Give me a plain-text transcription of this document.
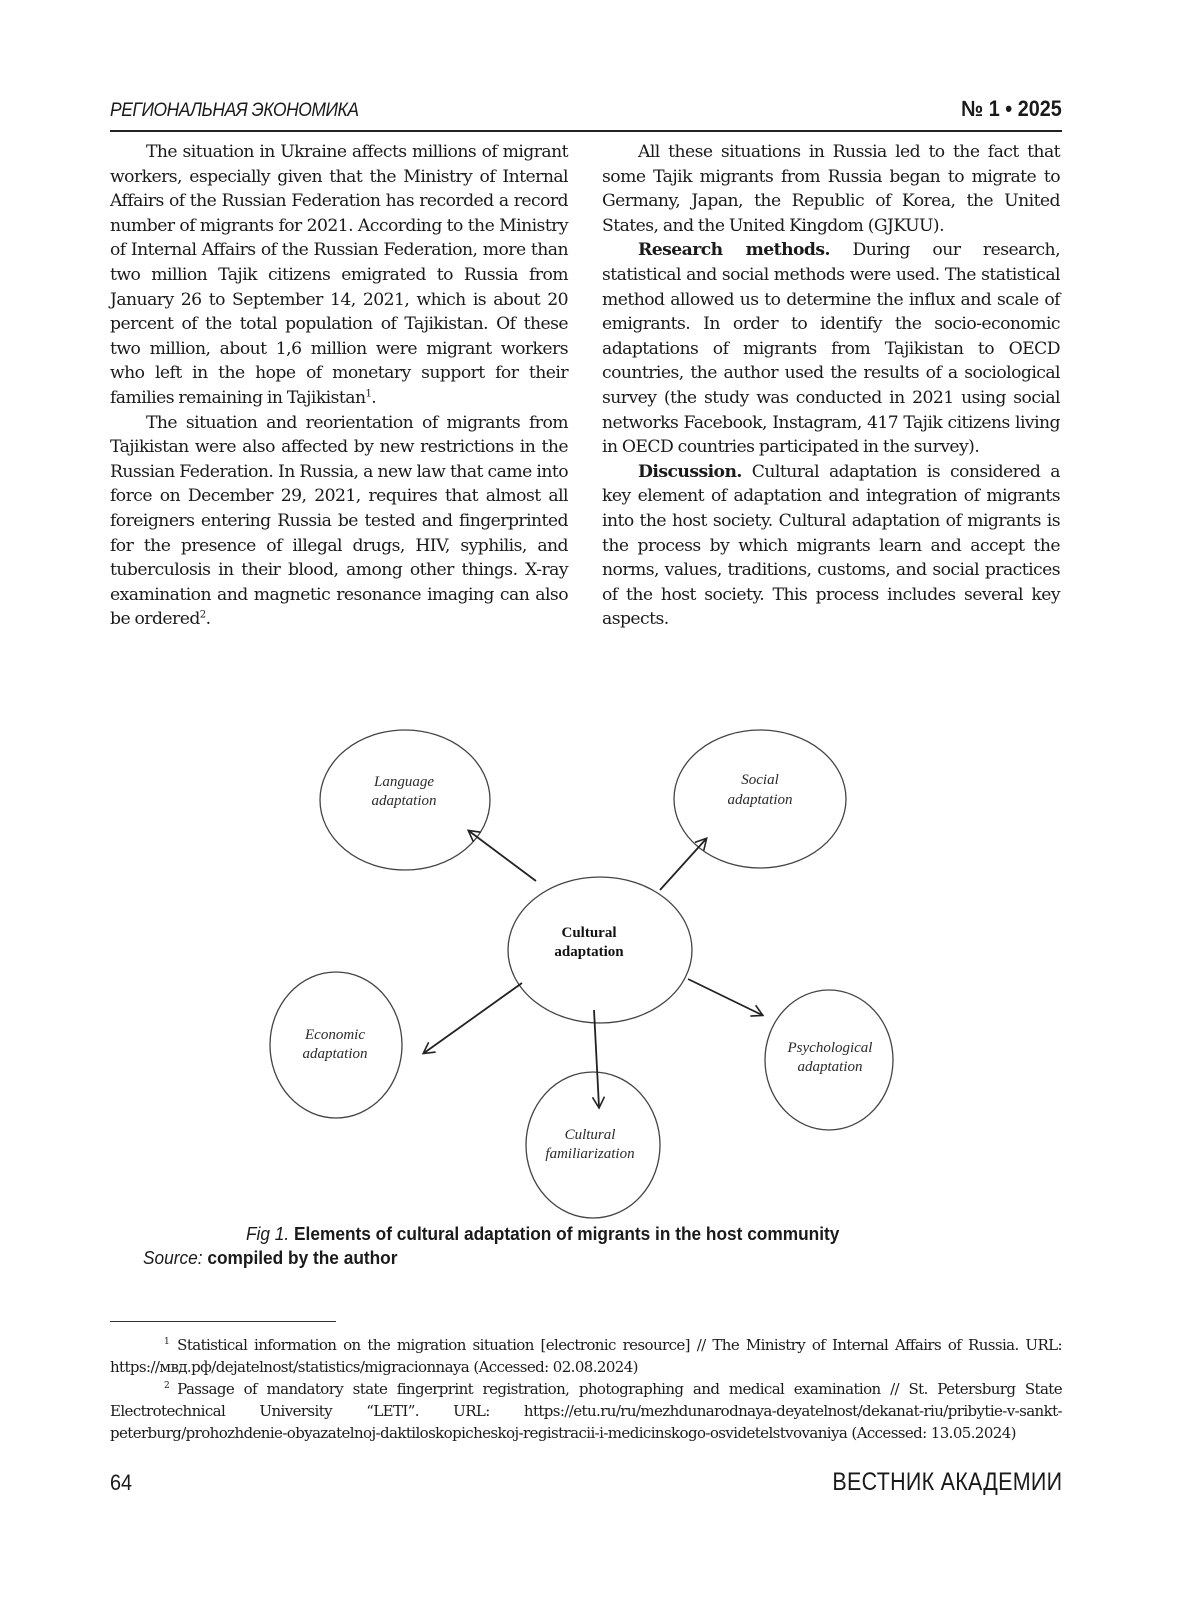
РЕГИОНАЛЬНАЯ ЭКОНОМИКА	№ 1 • 2025

The situation in Ukraine affects millions of migrant workers, especially given that the Ministry of Internal Affairs of the Russian Federation has recorded a record number of migrants for 2021. According to the Ministry of Internal Affairs of the Russian Federation, more than two million Tajik citizens emigrated to Russia from January 26 to September 14, 2021, which is about 20 percent of the total population of Tajikistan. Of these two million, about 1,6 million were migrant workers who left in the hope of monetary support for their families remaining in Tajikistan$^1$.

The situation and reorientation of migrants from Tajikistan were also affected by new restrictions in the Russian Federation. In Russia, a new law that came into force on December 29, 2021, requires that almost all foreigners entering Russia be tested and fingerprinted for the presence of illegal drugs, HIV, syphilis, and tuberculosis in their blood, among other things. X-ray examination and magnetic resonance imaging can also be ordered$^2$.

All these situations in Russia led to the fact that some Tajik migrants from Russia began to migrate to Germany, Japan, the Republic of Korea, the United States, and the United Kingdom (GJKUU).

Research methods. During our research, statistical and social methods were used. The statistical method allowed us to determine the influx and scale of emigrants. In order to identify the socio-economic adaptations of migrants from Tajikistan to OECD countries, the author used the results of a sociological survey (the study was conducted in 2021 using social networks Facebook, Instagram, 417 Tajik citizens living in OECD countries participated in the survey).

Discussion. Cultural adaptation is considered a key element of adaptation and integration of migrants into the host society. Cultural adaptation of migrants is the process by which migrants learn and accept the norms, values, traditions, customs, and social practices of the host society. This process includes several key aspects.

Language
adaptation
Social
adaptation
Cultural
adaptation
Economic
adaptation
Cultural
familiarization
Psychological
adaptation
Fig 1. Elements of cultural adaptation of migrants in the host community
Source: compiled by the author

$^1$ Statistical information on the migration situation [electronic resource] // The Ministry of Internal Affairs of Russia. URL: https://мвд.рф/dejatelnost/statistics/migracionnaya (Accessed: 02.08.2024)

$^2$ Passage of mandatory state fingerprint registration, photographing and medical examination // St. Petersburg State Electrotechnical University “LETI”. URL: https://etu.ru/ru/mezhdunarodnaya-deyatelnost/dekanat-riu/pribytie-v-sankt-peterburg/prohozhdenie-obyazatelnoj-daktiloskopicheskoj-registracii-i-medicinskogo-osvidetelstvovaniya (Accessed: 13.05.2024)

64	ВЕСТНИК АКАДЕМИИ
